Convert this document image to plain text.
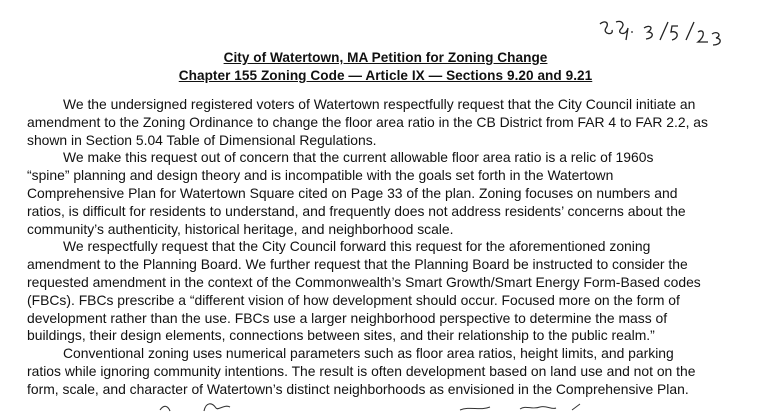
City of Watertown, MA Petition for Zoning Change
Chapter 155 Zoning Code — Article IX — Sections 9.20 and 9.21
We the undersigned registered voters of Watertown respectfully request that the City Council initiate an
amendment to the Zoning Ordinance to change the floor area ratio in the CB District from FAR 4 to FAR 2.2, as
shown in Section 5.04 Table of Dimensional Regulations.
We make this request out of concern that the current allowable floor area ratio is a relic of 1960s
“spine” planning and design theory and is incompatible with the goals set forth in the Watertown
Comprehensive Plan for Watertown Square cited on Page 33 of the plan. Zoning focuses on numbers and
ratios, is difficult for residents to understand, and frequently does not address residents’ concerns about the
community’s authenticity, historical heritage, and neighborhood scale.
We respectfully request that the City Council forward this request for the aforementioned zoning
amendment to the Planning Board. We further request that the Planning Board be instructed to consider the
requested amendment in the context of the Commonwealth’s Smart Growth/Smart Energy Form-Based codes
(FBCs). FBCs prescribe a “different vision of how development should occur. Focused more on the form of
development rather than the use. FBCs use a larger neighborhood perspective to determine the mass of
buildings, their design elements, connections between sites, and their relationship to the public realm.”
Conventional zoning uses numerical parameters such as floor area ratios, height limits, and parking
ratios while ignoring community intentions. The result is often development based on land use and not on the
form, scale, and character of Watertown’s distinct neighborhoods as envisioned in the Comprehensive Plan.
